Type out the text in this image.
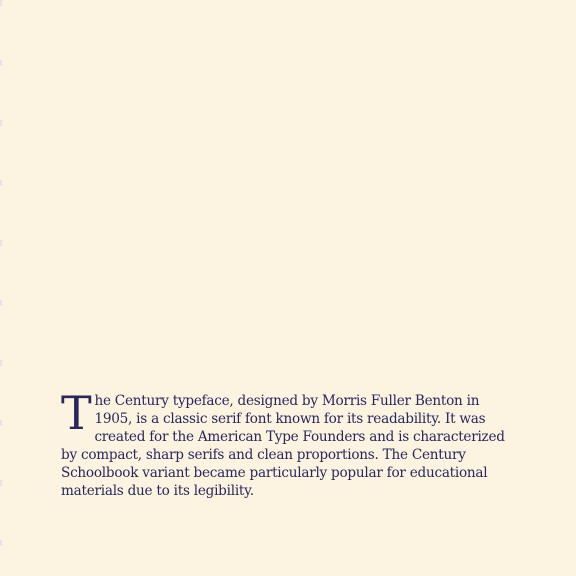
The Century typeface, designed by Morris Fuller Benton in 1905, is a classic serif font known for its readability. It was created for the American Type Founders and is characterized by compact, sharp serifs and clean proportions. The Century Schoolbook variant became particularly popular for educational materials due to its legibility.
